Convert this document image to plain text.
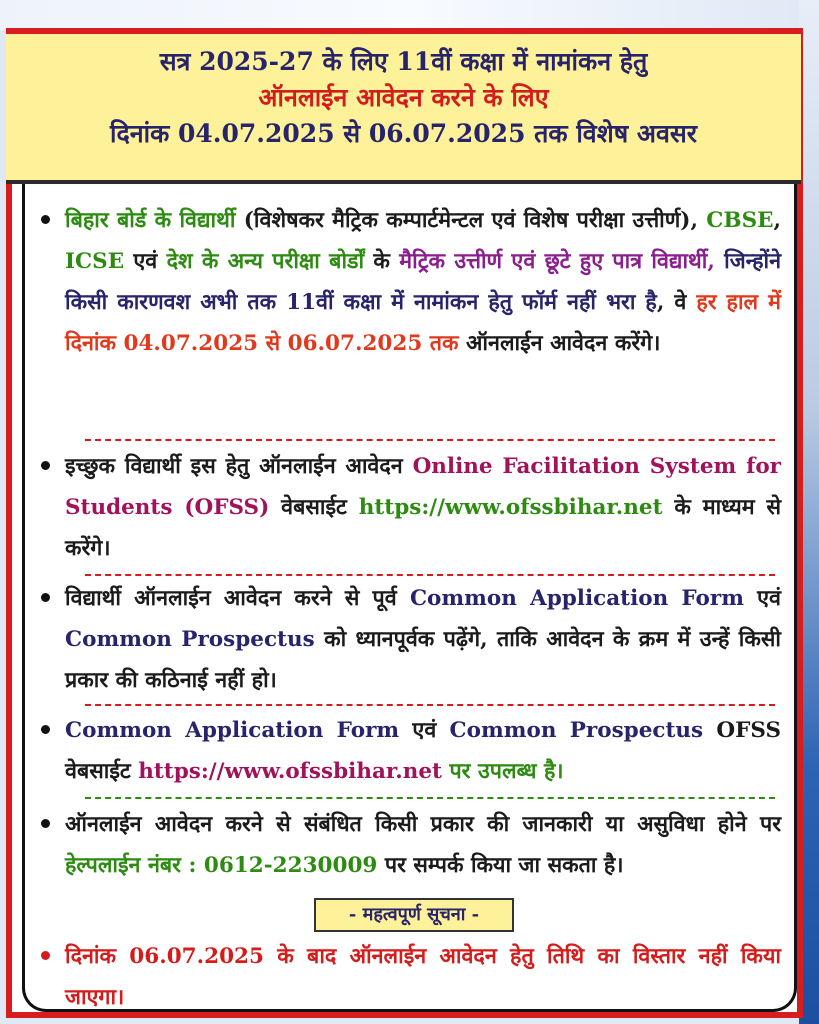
सत्र 2025-27 के लिए 11वीं कक्षा में नामांकन हेतु
ऑनलाईन आवेदन करने के लिए
दिनांक 04.07.2025 से 06.07.2025 तक विशेष अवसर
बिहार बोर्ड के विद्यार्थी (विशेषकर मैट्रिक कम्पार्टमेन्टल एवं विशेष परीक्षा उत्तीर्ण), CBSE, ICSE एवं देश के अन्य परीक्षा बोर्डों के मैट्रिक उत्तीर्ण एवं छूटे हुए पात्र विद्यार्थी, जिन्होंने किसी कारणवश अभी तक 11वीं कक्षा में नामांकन हेतु फॉर्म नहीं भरा है, वे हर हाल में दिनांक 04.07.2025 से 06.07.2025 तक ऑनलाईन आवेदन करेंगे।
इच्छुक विद्यार्थी इस हेतु ऑनलाईन आवेदन Online Facilitation System for Students (OFSS) वेबसाईट https://www.ofssbihar.net के माध्यम से करेंगे।
विद्यार्थी ऑनलाईन आवेदन करने से पूर्व Common Application Form एवं Common Prospectus को ध्यानपूर्वक पढ़ेंगे, ताकि आवेदन के क्रम में उन्हें किसी प्रकार की कठिनाई नहीं हो।
Common Application Form एवं Common Prospectus OFSS वेबसाईट https://www.ofssbihar.net पर उपलब्ध है।
ऑनलाईन आवेदन करने से संबंधित किसी प्रकार की जानकारी या असुविधा होने पर हेल्पलाईन नंबर : 0612-2230009 पर सम्पर्क किया जा सकता है।
दिनांक 06.07.2025 के बाद ऑनलाईन आवेदन हेतु तिथि का विस्तार नहीं किया जाएगा।
- महत्वपूर्ण सूचना -
